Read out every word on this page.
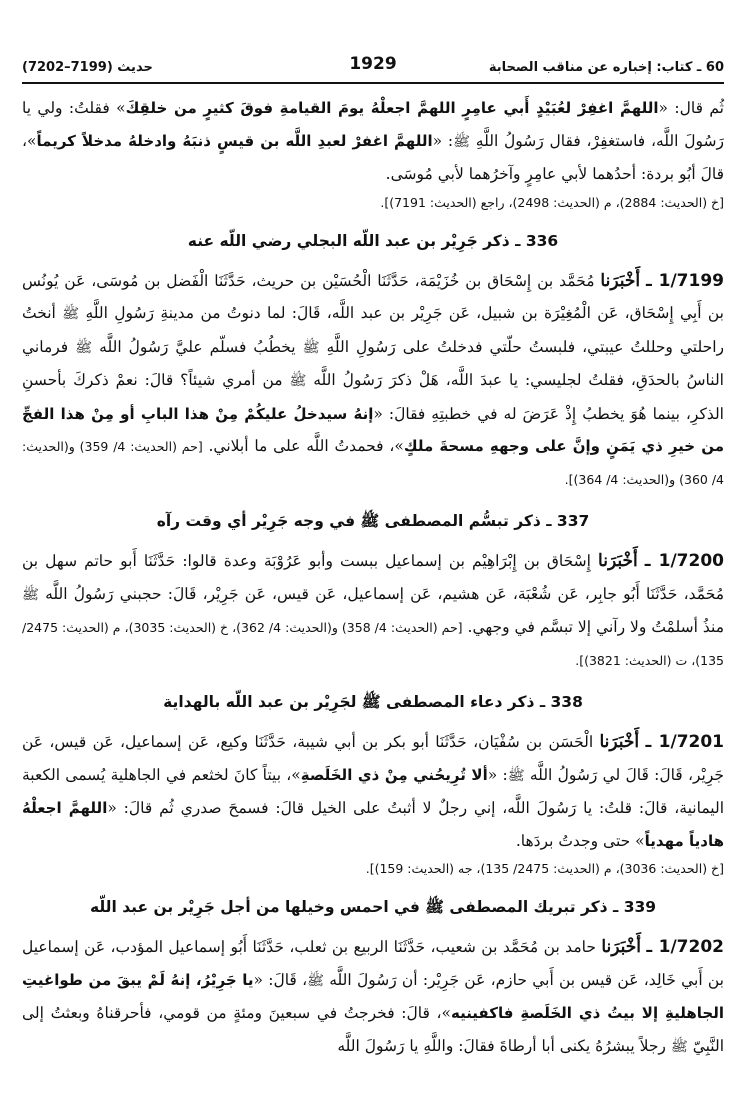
60 ـ كتاب: إخباره عن مناقب الصحابة
1929
حديث (7199–7202)

ثُم قال: «اللهمَّ اغفِرْ لعُبَيْدٍ أَبي عامِرٍ اللهمَّ اجعلْهُ يومَ القيامةِ فوقَ كثيرٍ من خلقِكَ» فقلتُ: ولي يا رَسُولَ اللَّه، فاستغفِرْ، فقال رَسُولُ اللَّهِ ﷺ: «اللهمَّ اغفرْ لعبدِ اللَّه بن قيسٍ ذنبَهُ وادخلهُ مدخلاً كريماً»، قالَ أبُو بردة: أحدُهما لأبي عامِرٍ وآخرُهما لأبي مُوسَى.

[خ (الحديث: 2884)، م (الحديث: 2498)، راجع (الحديث: 7191)].

336 ـ ذكر جَرِيْر بن عبد اللّه البجلي رضي اللّه عنه

1/7199 ـ أَخْبَرَنا مُحَمَّد بن إِسْحَاق بن خُزَيْمَة، حَدَّثَنَا الْحُسَيْن بن حريث، حَدَّثَنَا الْفَضل بن مُوسَى، عَن يُونُس بن أَبِي إِسْحَاق، عَن الْمُغِيْرَة بن شبيل، عَن جَرِيْر بن عبد اللَّه، قَالَ: لما دنوتُ من مدينةِ رَسُولِ اللَّهِ ﷺ أنختُ راحلتي وحللتُ عيبتي، فلبستُ حلّتي فدخلتُ على رَسُولِ اللَّهِ ﷺ يخطُبُ فسلّم عليَّ رَسُولُ اللَّه ﷺ فرماني الناسُ بالحدَقِ، فقلتُ لجليسي: يا عبدَ اللَّه، هَلْ ذكرَ رَسُولُ اللَّه ﷺ من أمري شيئاً؟ قالَ: نعمْ ذكركَ بأحسنِ الذكرِ، بينما هُوَ يخطبُ إِذْ عَرَضَ له في خطبتِهِ فقالَ: «إنهُ سيدخلُ عليكُمْ مِنْ هذا البابِ أو مِنْ هذا الفجِّ من خيرِ ذي يَمَنٍ وإنَّ على وجههِ مسحةَ ملكٍ»، فحمدتُ اللَّه على ما أبلاني. [حم (الحديث: 4/ 359) و(الحديث: 4/ 360) و(الحديث: 4/ 364)].

337 ـ ذكر تبسُّم المصطفى ﷺ في وجه جَرِيْر أي وقت رآه

1/7200 ـ أَخْبَرَنا إِسْحَاق بن إِبْرَاهِيْم بن إسماعيل ببست وأبو عَرُوْبَة وعدة قالوا: حَدَّثَنَا أَبو حاتم سهل بن مُحَمَّد، حَدَّثَنَا أَبُو جابِر، عَن شُعْبَة، عَن هشيم، عَن إسماعيل، عَن قيس، عَن جَرِيْر، قَالَ: حجبني رَسُولُ اللَّه ﷺ منذُ أسلمْتُ ولا رآني إلا تبسَّم في وجهي. [حم (الحديث: 4/ 358) و(الحديث: 4/ 362)، خ (الحديث: 3035)، م (الحديث: 2475/ 135)، ت (الحديث: 3821)].

338 ـ ذكر دعاء المصطفى ﷺ لجَرِيْر بن عبد اللّه بالهداية

1/7201 ـ أَخْبَرَنا الْحَسَن بن سُفْيَان، حَدَّثَنَا أبو بكر بن أبي شيبة، حَدَّثَنَا وكيع، عَن إسماعيل، عَن قيس، عَن جَرِيْر، قَالَ: قَالَ لي رَسُولُ اللَّه ﷺ: «ألا تُرِيحُني مِنْ ذي الخَلَصةِ»، بيتاً كانَ لخثعم في الجاهلية يُسمى الكعبة اليمانية، قالَ: قلتُ: يا رَسُولَ اللَّه، إني رجلٌ لا أثبتُ على الخيل قالَ: فسمحَ صدري ثُم قالَ: «اللهمَّ اجعلْهُ هادياً مهدياً» حتى وجدتُ بردَها.

[خ (الحديث: 3036)، م (الحديث: 2475/ 135)، جه (الحديث: 159)].

339 ـ ذكر تبريك المصطفى ﷺ في احمس وخيلها من أجل جَرِيْر بن عبد اللّه

1/7202 ـ أَخْبَرَنا حامد بن مُحَمَّد بن شعيب، حَدَّثَنَا الربيع بن ثعلب، حَدَّثَنَا أَبُو إسماعيل المؤدب، عَن إسماعيل بن أَبي خَالِد، عَن قيس بن أَبي حازم، عَن جَرِيْر: أن رَسُولَ اللَّه ﷺ، قَالَ: «يا جَرِيْرُ، إنهُ لَمْ يبقَ من طواغيتِ الجاهليةِ إلا بيتُ ذي الخَلَصةِ فاكفينيه»، قالَ: فخرجتُ في سبعينَ ومئةٍ من قومي، فأحرقناهُ وبعثتُ إلى النَّبِيّ ﷺ رجلاً يبشرُهُ يكنى أبا أرطاةَ فقالَ: واللَّهِ يا رَسُولَ اللَّه
